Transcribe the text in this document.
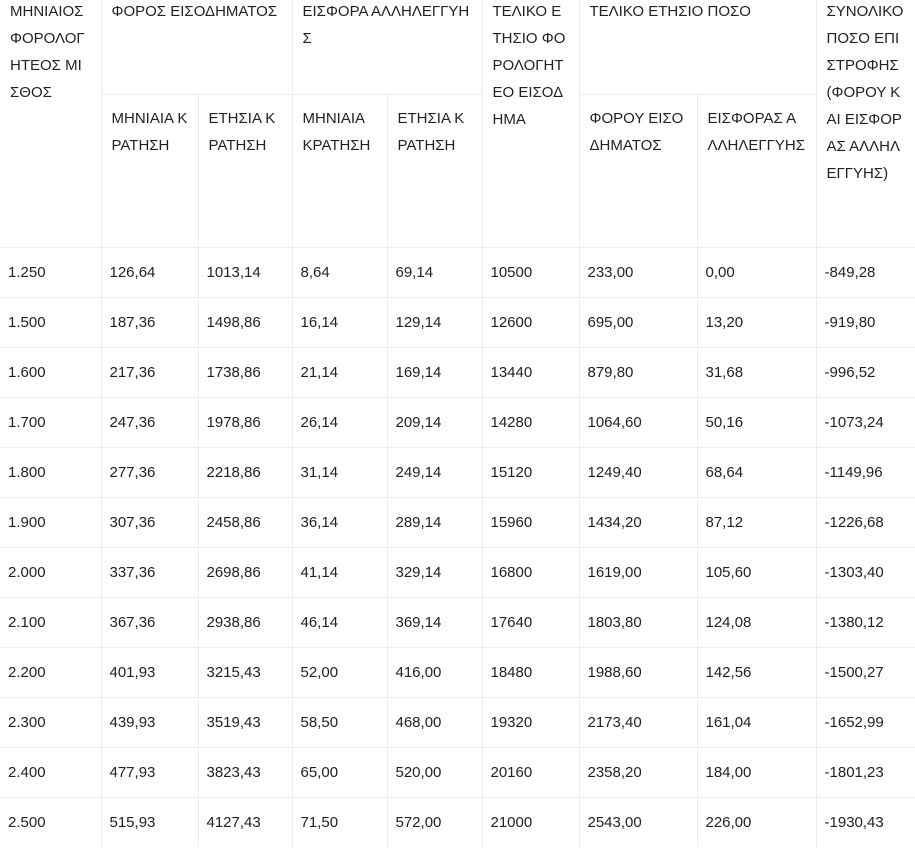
ΜΗΝΙΑΙΟΣ ΦΟΡΟΛΟΓΗΤΕΟΣ ΜΙΣΘΟΣ	ΦΟΡΟΣ ΕΙΣΟΔΗΜΑΤΟΣ		ΕΙΣΦΟΡΑ ΑΛΛΗΛΕΓΓΥΗΣ		ΤΕΛΙΚΟ ΕΤΗΣΙΟ ΦΟΡΟΛΟΓΗΤΕΟ ΕΙΣΟΔΗΜΑ	ΤΕΛΙΚΟ ΕΤΗΣΙΟ ΠΟΣΟ		ΣΥΝΟΛΙΚΟ ΠΟΣΟ ΕΠΙΣΤΡΟΦΗΣ (ΦΟΡΟΥ ΚΑΙ ΕΙΣΦΟΡΑΣ ΑΛΛΗΛΕΓΓΥΗΣ)
	ΜΗΝΙΑΙΑ ΚΡΑΤΗΣΗ	ΕΤΗΣΙΑ ΚΡΑΤΗΣΗ	ΜΗΝΙΑΙΑ ΚΡΑΤΗΣΗ	ΕΤΗΣΙΑ ΚΡΑΤΗΣΗ		ΦΟΡΟΥ ΕΙΣΟΔΗΜΑΤΟΣ	ΕΙΣΦΟΡΑΣ ΑΛΛΗΛΕΓΓΥΗΣ	
1.250	126,64	1013,14	8,64	69,14	10500	233,00	0,00	-849,28
1.500	187,36	1498,86	16,14	129,14	12600	695,00	13,20	-919,80
1.600	217,36	1738,86	21,14	169,14	13440	879,80	31,68	-996,52
1.700	247,36	1978,86	26,14	209,14	14280	1064,60	50,16	-1073,24
1.800	277,36	2218,86	31,14	249,14	15120	1249,40	68,64	-1149,96
1.900	307,36	2458,86	36,14	289,14	15960	1434,20	87,12	-1226,68
2.000	337,36	2698,86	41,14	329,14	16800	1619,00	105,60	-1303,40
2.100	367,36	2938,86	46,14	369,14	17640	1803,80	124,08	-1380,12
2.200	401,93	3215,43	52,00	416,00	18480	1988,60	142,56	-1500,27
2.300	439,93	3519,43	58,50	468,00	19320	2173,40	161,04	-1652,99
2.400	477,93	3823,43	65,00	520,00	20160	2358,20	184,00	-1801,23
2.500	515,93	4127,43	71,50	572,00	21000	2543,00	226,00	-1930,43
